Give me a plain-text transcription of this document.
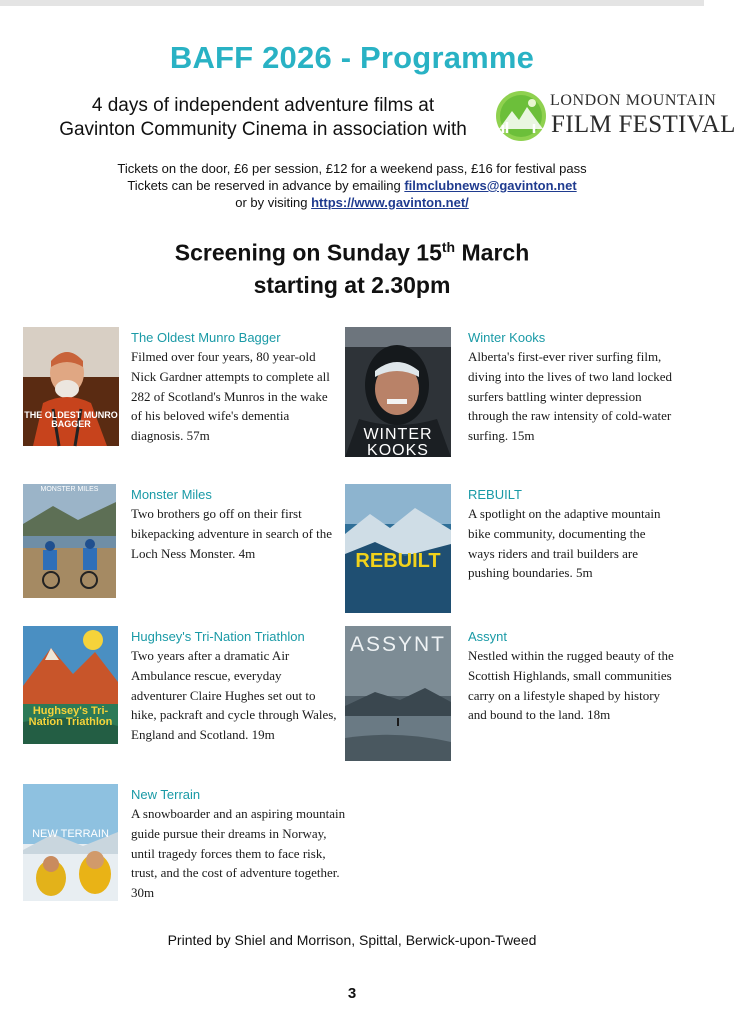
BAFF 2026 - Programme
4 days of independent adventure films at
Gavinton Community Cinema in association with
LONDON MOUNTAIN
FILM FESTIVAL
Tickets on the door, £6 per session, £12 for a weekend pass, £16 for festival pass
Tickets can be reserved in advance by emailing filmclubnews@gavinton.net
or by visiting https://www.gavinton.net/
Screening on Sunday 15th March
starting at 2.30pm
THE OLDEST MUNRO BAGGER
The Oldest Munro Bagger
Filmed over four years, 80 year-old Nick Gardner attempts to complete all 282 of Scotland's Munros in the wake of his beloved wife's dementia diagnosis. 57m	WINTER KOOKS
Winter Kooks
Alberta's first-ever river surfing film, diving into the lives of two land locked surfers battling winter depression through the raw intensity of cold-water surfing. 15m
MONSTER MILES	Monster Miles
Two brothers go off on their first bikepacking adventure in search of the Loch Ness Monster. 4m	REBUILT
REBUILT
A spotlight on the adaptive mountain bike community, documenting the ways riders and trail builders are pushing boundaries. 5m
Hughsey's Tri-Nation Triathlon
Hughsey's Tri-Nation Triathlon
Two years after a dramatic Air Ambulance rescue, everyday adventurer Claire Hughes set out to hike, packraft and cycle through Wales, England and Scotland. 19m
ASSYNT	Assynt
Nestled within the rugged beauty of the Scottish Highlands, small communities carry on a lifestyle shaped by history and bound to the land. 18m
NEW TERRAIN
New Terrain
A snowboarder and an aspiring mountain guide pursue their dreams in Norway, until tragedy forces them to face risk, trust, and the cost of adventure together. 30m
Printed by Shiel and Morrison, Spittal, Berwick-upon-Tweed
3
